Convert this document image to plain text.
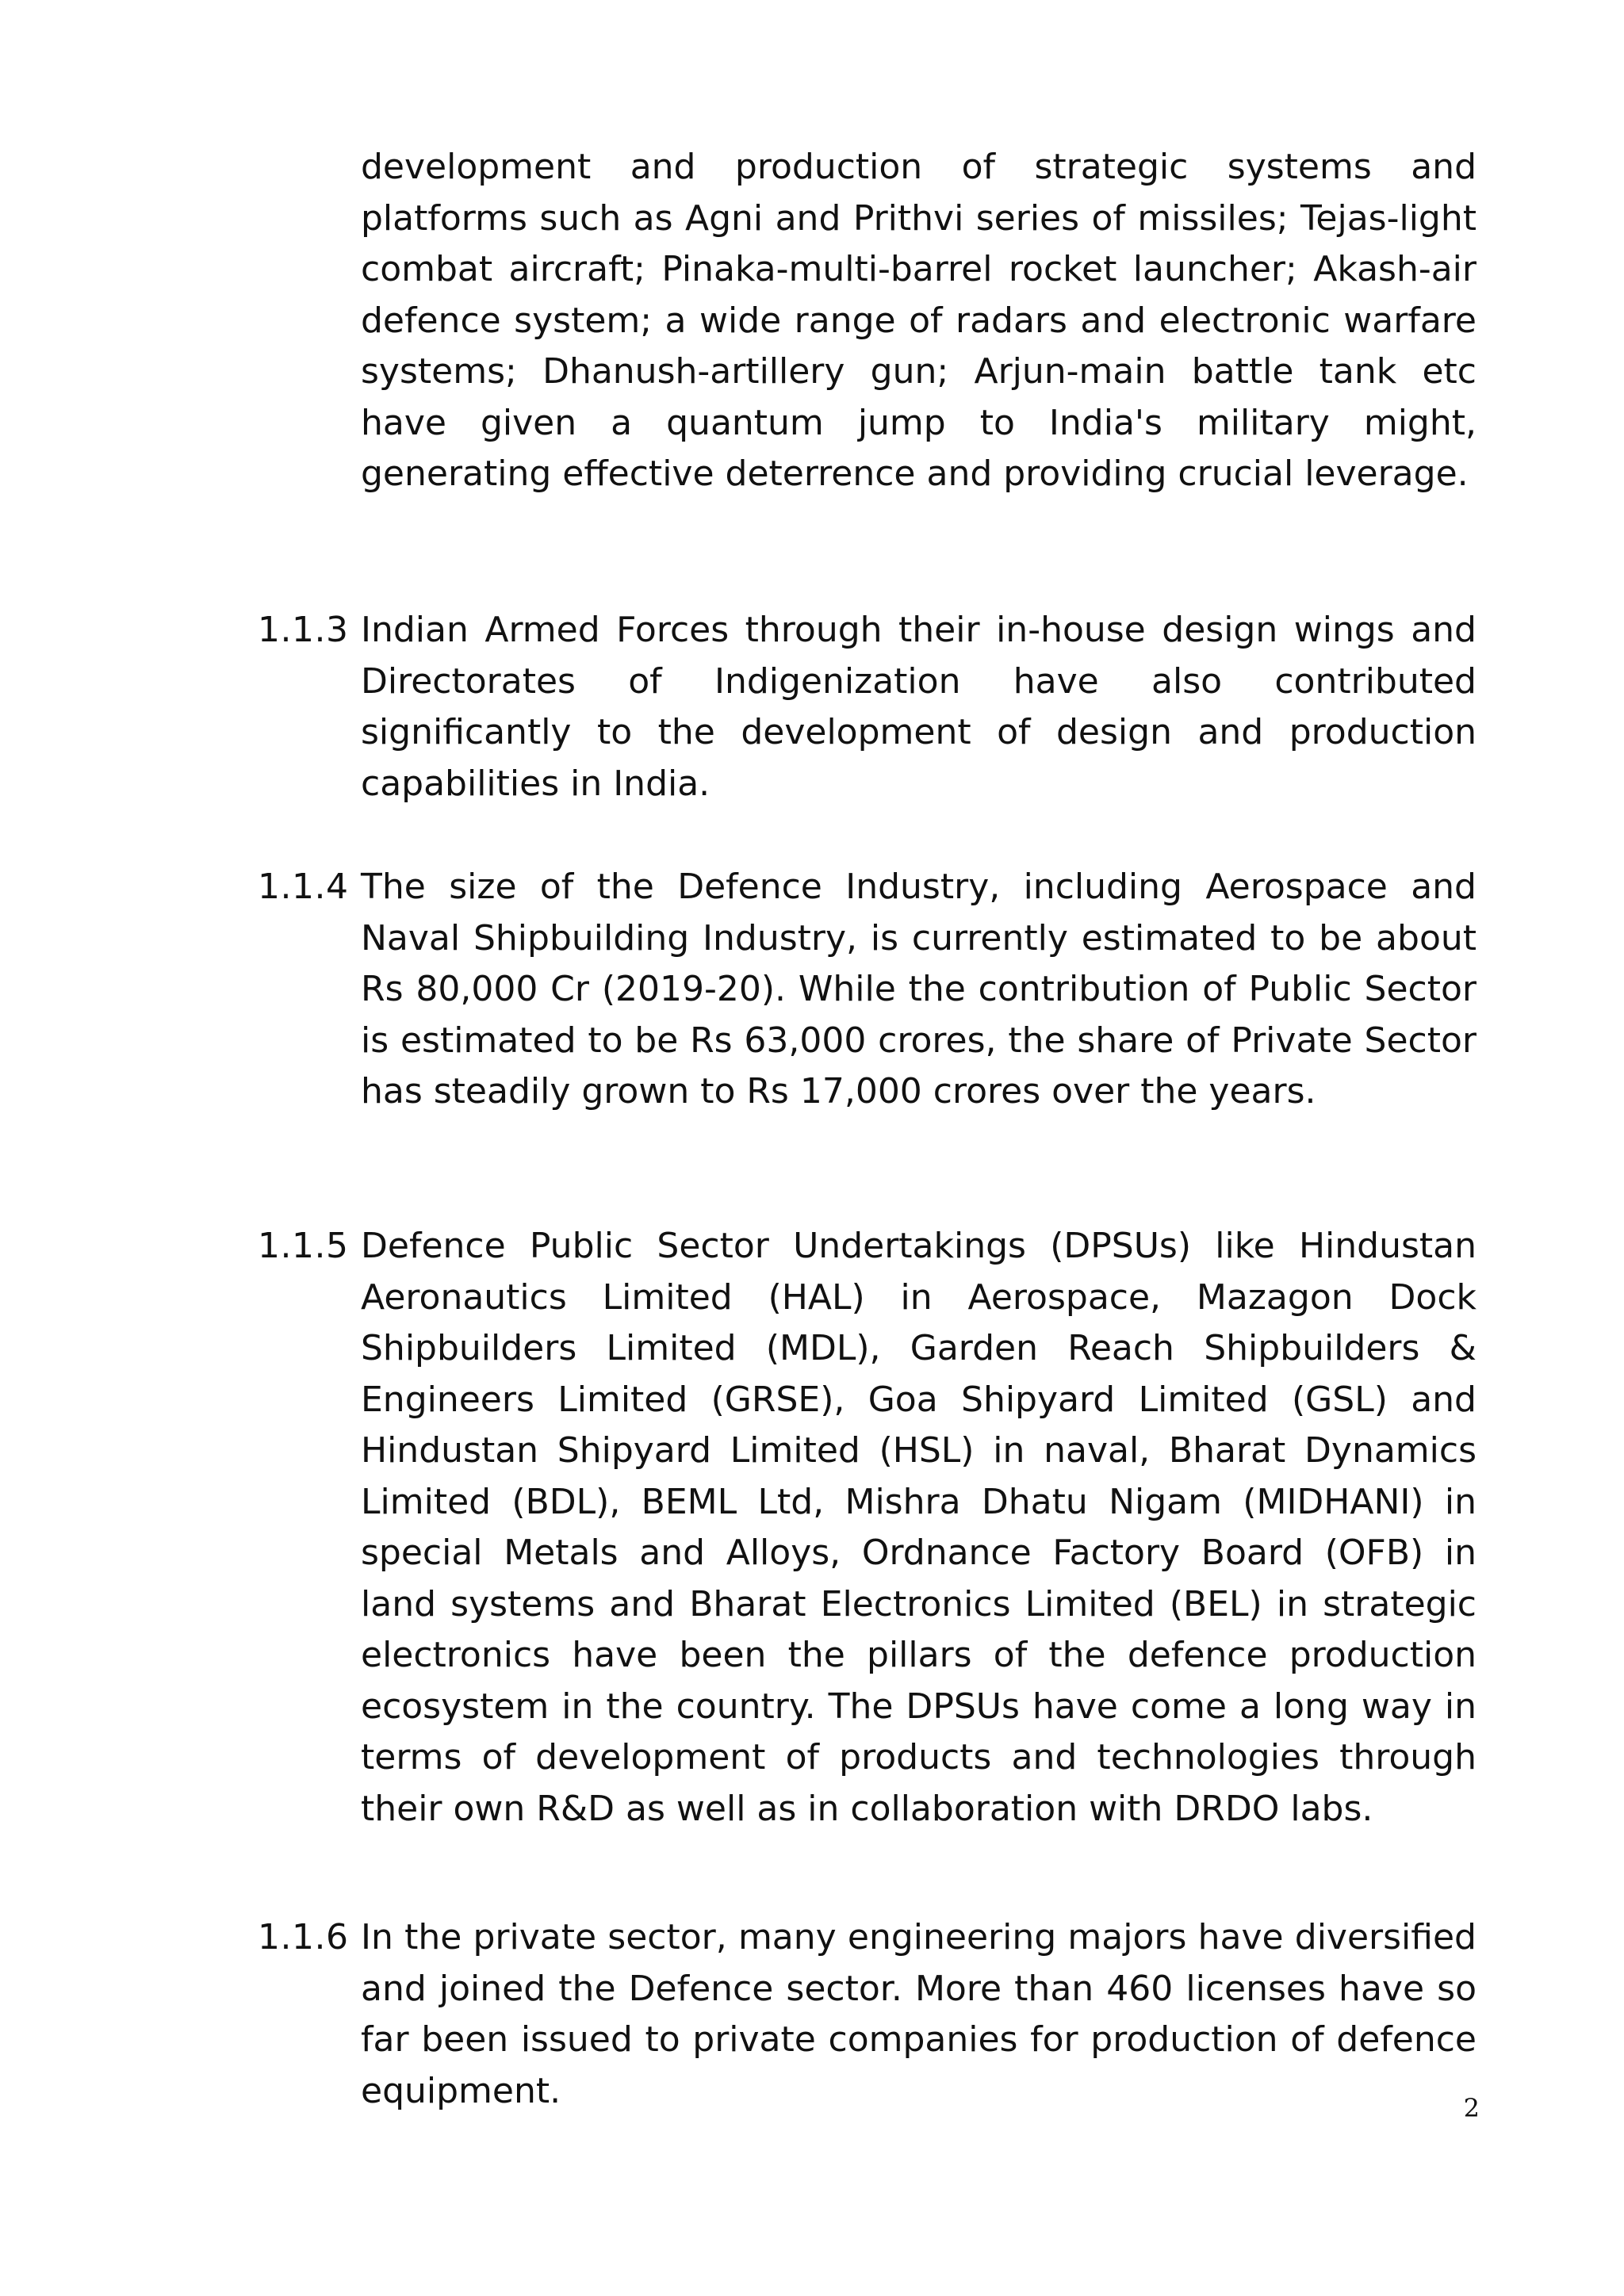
development and production of strategic systems and platforms such as Agni and Prithvi series of missiles; Tejas-light combat aircraft; Pinaka-multi-barrel rocket launcher; Akash-air defence system; a wide range of radars and electronic warfare systems; Dhanush-artillery gun; Arjun-main battle tank etc have given a quantum jump to India's military might, generating effective deterrence and providing crucial leverage.

1.1.3 Indian Armed Forces through their in-house design wings and Directorates of Indigenization have also contributed significantly to the development of design and production capabilities in India.

1.1.4 The size of the Defence Industry, including Aerospace and Naval Shipbuilding Industry, is currently estimated to be about Rs 80,000 Cr (2019-20). While the contribution of Public Sector is estimated to be Rs 63,000 crores, the share of Private Sector has steadily grown to Rs 17,000 crores over the years.

1.1.5 Defence Public Sector Undertakings (DPSUs) like Hindustan Aeronautics Limited (HAL) in Aerospace, Mazagon Dock Shipbuilders Limited (MDL), Garden Reach Shipbuilders & Engineers Limited (GRSE), Goa Shipyard Limited (GSL) and Hindustan Shipyard Limited (HSL) in naval, Bharat Dynamics Limited (BDL), BEML Ltd, Mishra Dhatu Nigam (MIDHANI) in special Metals and Alloys, Ordnance Factory Board (OFB) in land systems and Bharat Electronics Limited (BEL) in strategic electronics have been the pillars of the defence production ecosystem in the country. The DPSUs have come a long way in terms of development of products and technologies through their own R&D as well as in collaboration with DRDO labs.

1.1.6 In the private sector, many engineering majors have diversified and joined the Defence sector. More than 460 licenses have so far been issued to private companies for production of defence equipment.	2
